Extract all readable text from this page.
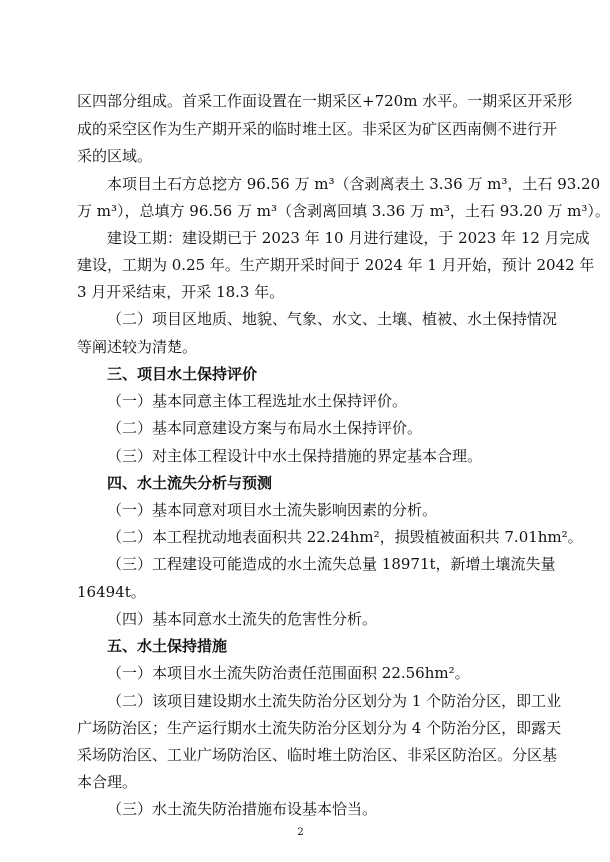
区四部分组成。首采工作面设置在一期采区+720m 水平。一期采区开采形
成的采空区作为生产期开采的临时堆土区。非采区为矿区西南侧不进行开
采的区域。
本项目土石方总挖方 96.56 万 m³（含剥离表土 3.36 万 m³，土石 93.20
万 m³），总填方 96.56 万 m³（含剥离回填 3.36 万 m³，土石 93.20 万 m³）。
建设工期：建设期已于 2023 年 10 月进行建设，于 2023 年 12 月完成
建设，工期为 0.25 年。生产期开采时间于 2024 年 1 月开始，预计 2042 年
3 月开采结束，开采 18.3 年。
（二）项目区地质、地貌、气象、水文、土壤、植被、水土保持情况
等阐述较为清楚。
三、项目水土保持评价
（一）基本同意主体工程选址水土保持评价。
（二）基本同意建设方案与布局水土保持评价。
（三）对主体工程设计中水土保持措施的界定基本合理。
四、水土流失分析与预测
（一）基本同意对项目水土流失影响因素的分析。
（二）本工程扰动地表面积共 22.24hm²，损毁植被面积共 7.01hm²。
（三）工程建设可能造成的水土流失总量 18971t，新增土壤流失量
16494t。
（四）基本同意水土流失的危害性分析。
五、水土保持措施
（一）本项目水土流失防治责任范围面积 22.56hm²。
（二）该项目建设期水土流失防治分区划分为 1 个防治分区，即工业
广场防治区；生产运行期水土流失防治分区划分为 4 个防治分区，即露天
采场防治区、工业广场防治区、临时堆土防治区、非采区防治区。分区基
本合理。
（三）水土流失防治措施布设基本恰当。
2
